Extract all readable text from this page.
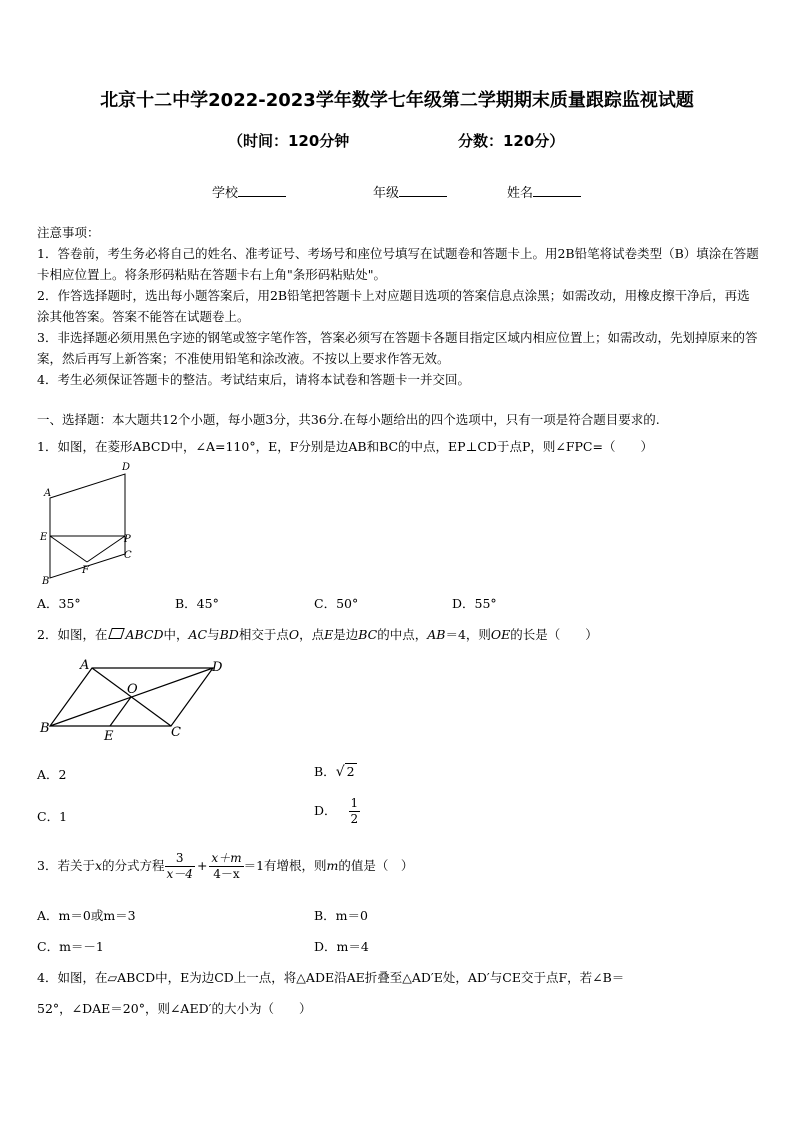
北京十二中学2022-2023学年数学七年级第二学期期末质量跟踪监视试题
（时间：120分钟	分数：120分）
学校	年级	姓名
注意事项：
1．答卷前，考生务必将自己的姓名、准考证号、考场号和座位号填写在试题卷和答题卡上。用2B铅笔将试卷类型（B）填涂在答题卡相应位置上。将条形码粘贴在答题卡右上角"条形码粘贴处"。
2．作答选择题时，选出每小题答案后，用2B铅笔把答题卡上对应题目选项的答案信息点涂黑；如需改动，用橡皮擦干净后，再选涂其他答案。答案不能答在试题卷上。
3．非选择题必须用黑色字迹的钢笔或签字笔作答，答案必须写在答题卡各题目指定区域内相应位置上；如需改动，先划掉原来的答案，然后再写上新答案；不准使用铅笔和涂改液。不按以上要求作答无效。
4．考生必须保证答题卡的整洁。考试结束后，请将本试卷和答题卡一并交回。
一、选择题：本大题共12个小题，每小题3分，共36分.在每小题给出的四个选项中，只有一项是符合题目要求的.
1．如图，在菱形ABCD中，∠A=110°，E，F分别是边AB和BC的中点，EP⊥CD于点P，则∠FPC=（　　）
A
D
E	P
C
F
B
A．35°	B．45°	C．50°	D．55°
2．如图，在 ABCD中，AC与BD相交于点O，点E是边BC的中点，AB＝4，则OE的长是（　　）
A	D
O
B
E	C
A．2	B．√ 2
C．1	D． $\frac{1}{2}$
3．若关于x的分式方程 $\frac{3}{x-4} + \frac{x+m}{4-x} =1$有增根，则m的值是（　）
A．m＝0或m＝3	B．m＝0
C．m＝－1	D．m＝4
4．如图，在▱ABCD中，E为边CD上一点，将△ADE沿AE折叠至△AD′E处，AD′与CE交于点F，若∠B＝
52°，∠DAE＝20°，则∠AED′的大小为（　　）
